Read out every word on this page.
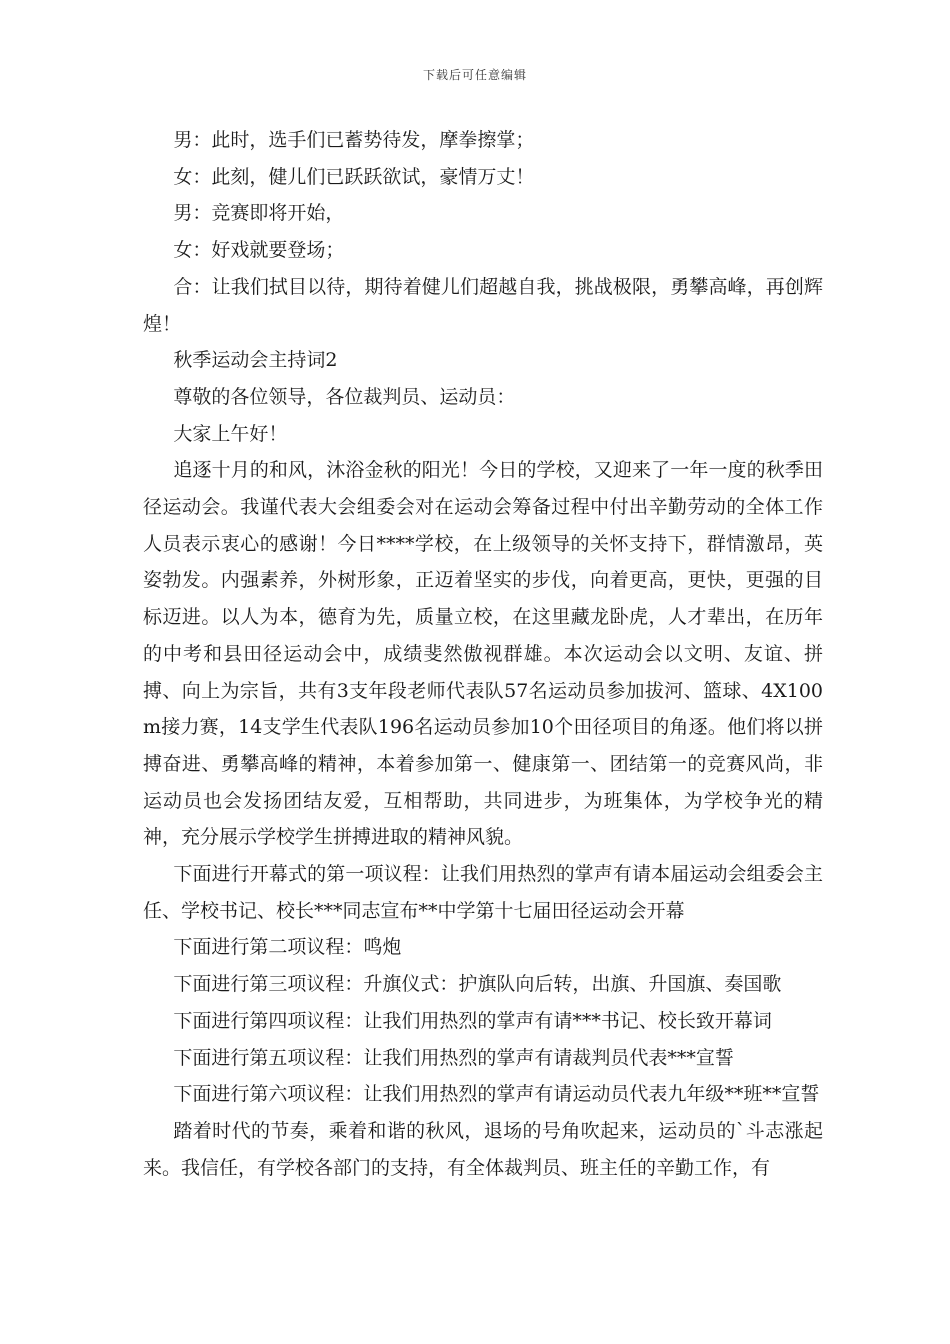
下载后可任意编辑

男：此时，选手们已蓄势待发，摩拳擦掌；

女：此刻，健儿们已跃跃欲试，豪情万丈！

男：竞赛即将开始，

女：好戏就要登场；

合：让我们拭目以待，期待着健儿们超越自我，挑战极限，勇攀高峰，再创辉煌！

秋季运动会主持词2

尊敬的各位领导，各位裁判员、运动员：

大家上午好！

追逐十月的和风，沐浴金秋的阳光！今日的学校，又迎来了一年一度的秋季田径运动会。我谨代表大会组委会对在运动会筹备过程中付出辛勤劳动的全体工作人员表示衷心的感谢！今日****学校，在上级领导的关怀支持下，群情激昂，英姿勃发。内强素养，外树形象，正迈着坚实的步伐，向着更高，更快，更强的目标迈进。以人为本，德育为先，质量立校，在这里藏龙卧虎，人才辈出，在历年的中考和县田径运动会中，成绩斐然傲视群雄。本次运动会以文明、友谊、拼搏、向上为宗旨，共有3支年段老师代表队57名运动员参加拔河、篮球、4X100m接力赛，14支学生代表队196名运动员参加10个田径项目的角逐。他们将以拼搏奋进、勇攀高峰的精神，本着参加第一、健康第一、团结第一的竞赛风尚，非运动员也会发扬团结友爱，互相帮助，共同进步，为班集体，为学校争光的精神，充分展示学校学生拼搏进取的精神风貌。

下面进行开幕式的第一项议程：让我们用热烈的掌声有请本届运动会组委会主任、学校书记、校长***同志宣布**中学第十七届田径运动会开幕

下面进行第二项议程：鸣炮

下面进行第三项议程：升旗仪式：护旗队向后转，出旗、升国旗、奏国歌

下面进行第四项议程：让我们用热烈的掌声有请***书记、校长致开幕词

下面进行第五项议程：让我们用热烈的掌声有请裁判员代表***宣誓

下面进行第六项议程：让我们用热烈的掌声有请运动员代表九年级**班**宣誓

踏着时代的节奏，乘着和谐的秋风，退场的号角吹起来，运动员的`斗志涨起来。我信任，有学校各部门的支持，有全体裁判员、班主任的辛勤工作，有
